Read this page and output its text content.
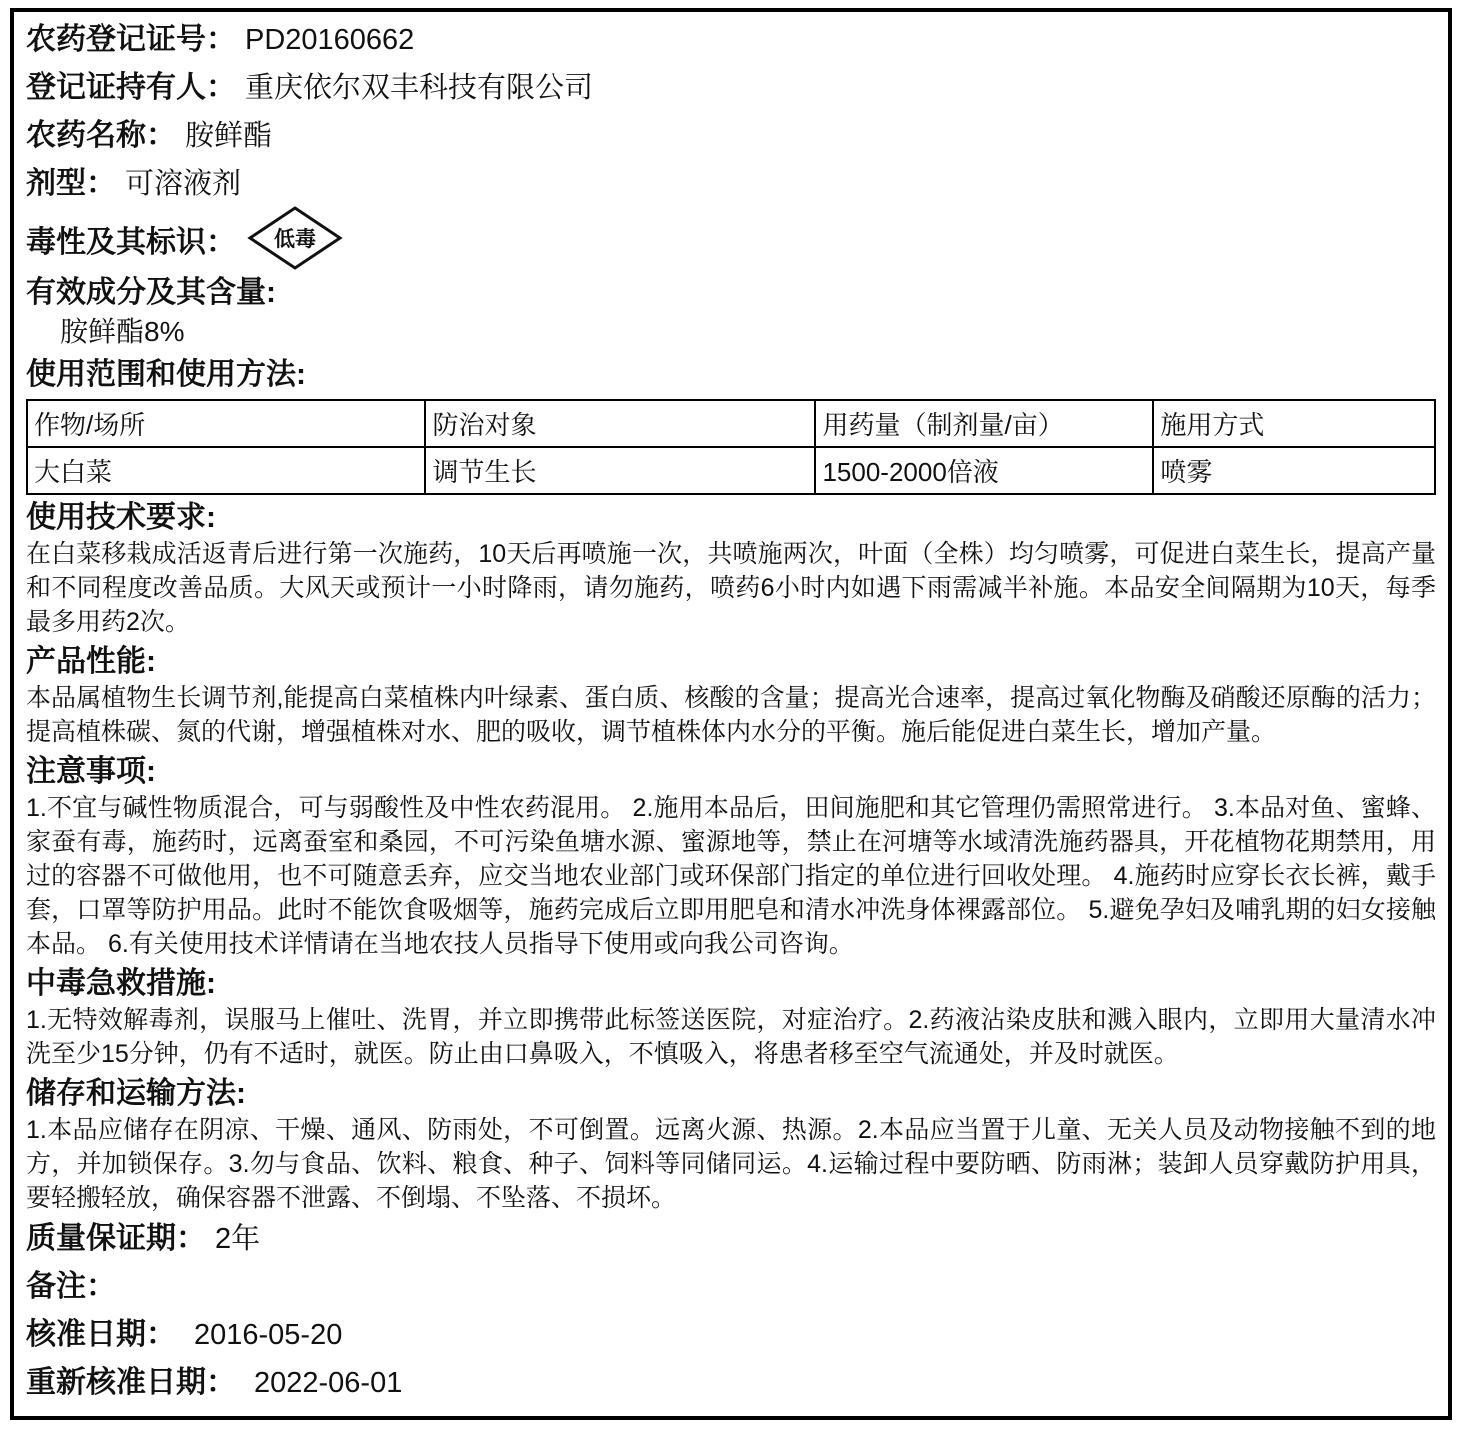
农药登记证号： PD20160662
登记证持有人： 重庆依尔双丰科技有限公司
农药名称： 胺鲜酯
剂型： 可溶液剂
毒性及其标识： 低毒
有效成分及其含量:
胺鲜酯8%
使用范围和使用方法:
作物/场所	防治对象	用药量（制剂量/亩）	施用方式
大白菜	调节生长	1500-2000倍液	喷雾
使用技术要求:

在白菜移栽成活返青后进行第一次施药，10天后再喷施一次，共喷施两次，叶面（全株）均匀喷雾，可促进白菜生长，提高产量和不同程度改善品质。大风天或预计一小时降雨，请勿施药，喷药6小时内如遇下雨需减半补施。本品安全间隔期为10天，每季最多用药2次。

产品性能:

本品属植物生长调节剂,能提高白菜植株内叶绿素、蛋白质、核酸的含量；提高光合速率，提高过氧化物酶及硝酸还原酶的活力；提高植株碳、氮的代谢，增强植株对水、肥的吸收，调节植株体内水分的平衡。施后能促进白菜生长，增加产量。

注意事项:

1.不宜与碱性物质混合，可与弱酸性及中性农药混用。 2.施用本品后，田间施肥和其它管理仍需照常进行。 3.本品对鱼、蜜蜂、家蚕有毒，施药时，远离蚕室和桑园，不可污染鱼塘水源、蜜源地等，禁止在河塘等水域清洗施药器具，开花植物花期禁用，用过的容器不可做他用，也不可随意丢弃，应交当地农业部门或环保部门指定的单位进行回收处理。 4.施药时应穿长衣长裤，戴手套，口罩等防护用品。此时不能饮食吸烟等，施药完成后立即用肥皂和清水冲洗身体裸露部位。 5.避免孕妇及哺乳期的妇女接触本品。 6.有关使用技术详情请在当地农技人员指导下使用或向我公司咨询。

中毒急救措施:

1.无特效解毒剂，误服马上催吐、洗胃，并立即携带此标签送医院，对症治疗。2.药液沾染皮肤和溅入眼内，立即用大量清水冲洗至少15分钟，仍有不适时，就医。防止由口鼻吸入，不慎吸入，将患者移至空气流通处，并及时就医。

储存和运输方法:

1.本品应储存在阴凉、干燥、通风、防雨处，不可倒置。远离火源、热源。2.本品应当置于儿童、无关人员及动物接触不到的地方，并加锁保存。3.勿与食品、饮料、粮食、种子、饲料等同储同运。4.运输过程中要防晒、防雨淋；装卸人员穿戴防护用具，要轻搬轻放，确保容器不泄露、不倒塌、不坠落、不损坏。

质量保证期： 2年
备注：
核准日期： 2016-05-20
重新核准日期： 2022-06-01
